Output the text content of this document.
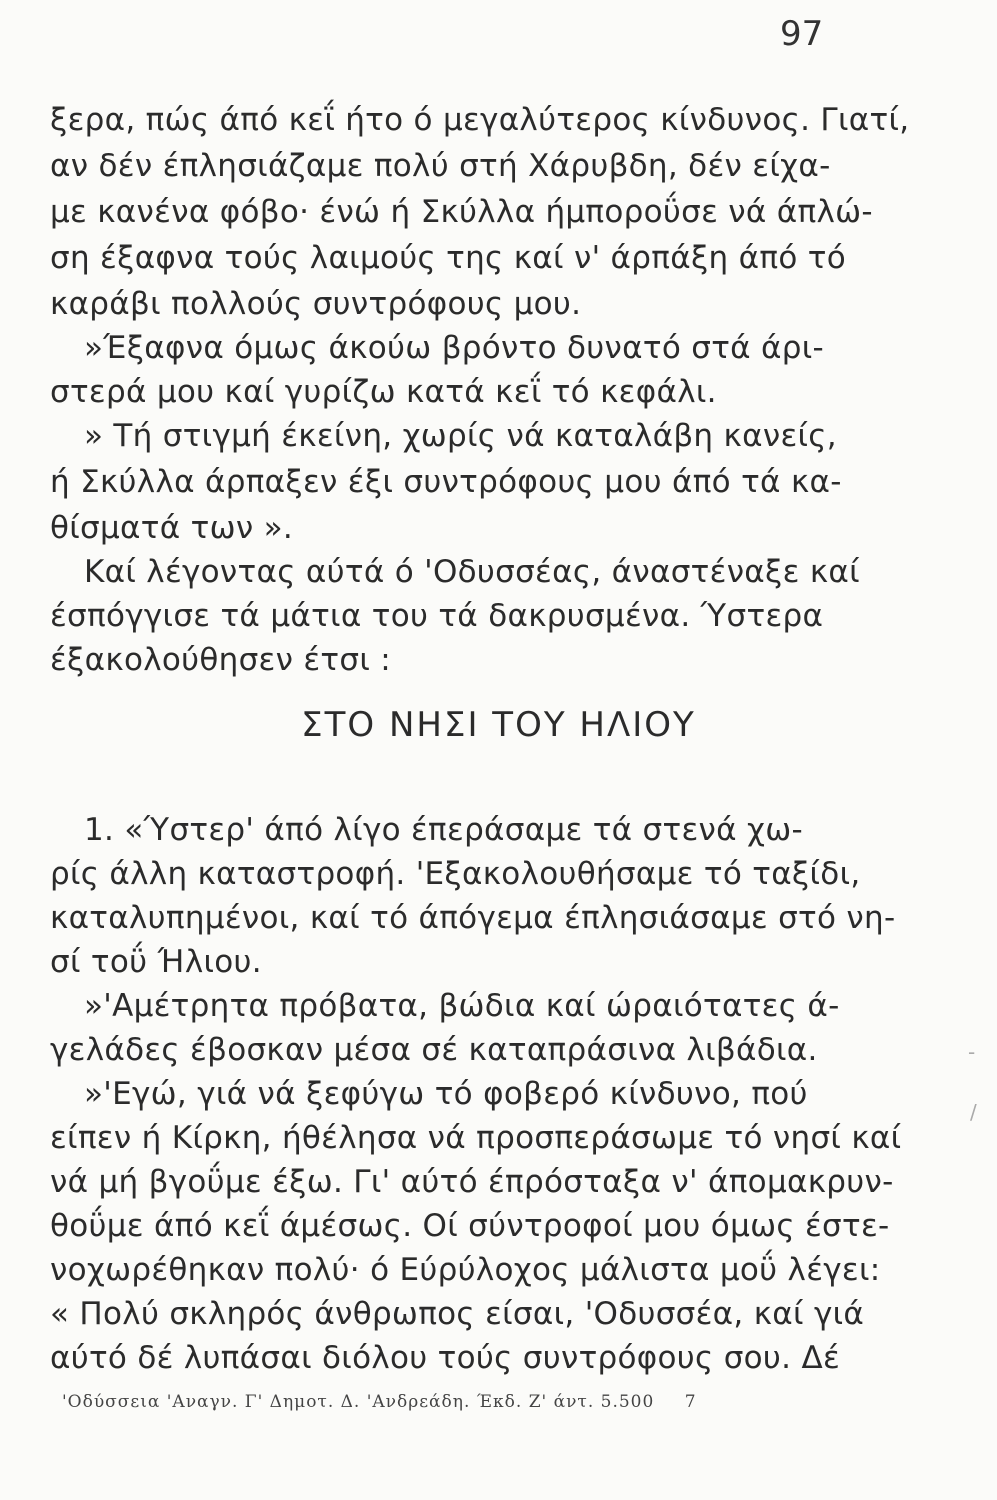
97
ξερα, πώς άπό κεΐ ήτο ό μεγαλύτερος κίνδυνος. Γιατί,
αν δέν έπλησιάζαμε πολύ στή Χάρυβδη, δέν είχα-
με κανένα φόβο· ένώ ή Σκύλλα ήμποροΰσε νά άπλώ-
ση έξαφνα τούς λαιμούς της καί ν' άρπάξη άπό τό
καράβι πολλούς συντρόφους μου.
»Έξαφνα όμως άκούω βρόντο δυνατό στά άρι-
στερά μου καί γυρίζω κατά κεΐ τό κεφάλι.
» Τή στιγμή έκείνη, χωρίς νά καταλάβη κανείς,
ή Σκύλλα άρπαξεν έξι συντρόφους μου άπό τά κα-
θίσματά των ».
Καί λέγοντας αύτά ό 'Οδυσσέας, άναστέναξε καί
έσπόγγισε τά μάτια του τά δακρυσμένα. Ύστερα
έξακολούθησεν έτσι :
ΣΤΟ ΝΗΣΙ ΤΟΥ ΗΛΙΟΥ
1. «Ύστερ' άπό λίγο έπεράσαμε τά στενά χω-
ρίς άλλη καταστροφή. 'Εξακολουθήσαμε τό ταξίδι,
καταλυπημένοι, καί τό άπόγεμα έπλησιάσαμε στό νη-
σί τοΰ Ήλιου.
»'Αμέτρητα πρόβατα, βώδια καί ώραιότατες ά-
γελάδες έβοσκαν μέσα σέ καταπράσινα λιβάδια.
»'Εγώ, γιά νά ξεφύγω τό φοβερό κίνδυνο, πού
είπεν ή Κίρκη, ήθέλησα νά προσπεράσωμε τό νησί καί
νά μή βγοΰμε έξω. Γι' αύτό έπρόσταξα ν' άπομακρυν-
θοΰμε άπό κεΐ άμέσως. Οί σύντροφοί μου όμως έστε-
νοχωρέθηκαν πολύ· ό Εύρύλοχος μάλιστα μοΰ λέγει:
« Πολύ σκληρός άνθρωπος είσαι, 'Οδυσσέα, καί γιά
αύτό δέ λυπάσαι διόλου τούς συντρόφους σου. Δέ
'Οδύσσεια 'Αναγν. Γ' Δημοτ. Δ. 'Ανδρεάδη. Έκδ. Ζ' άντ. 5.500 7
-
/
